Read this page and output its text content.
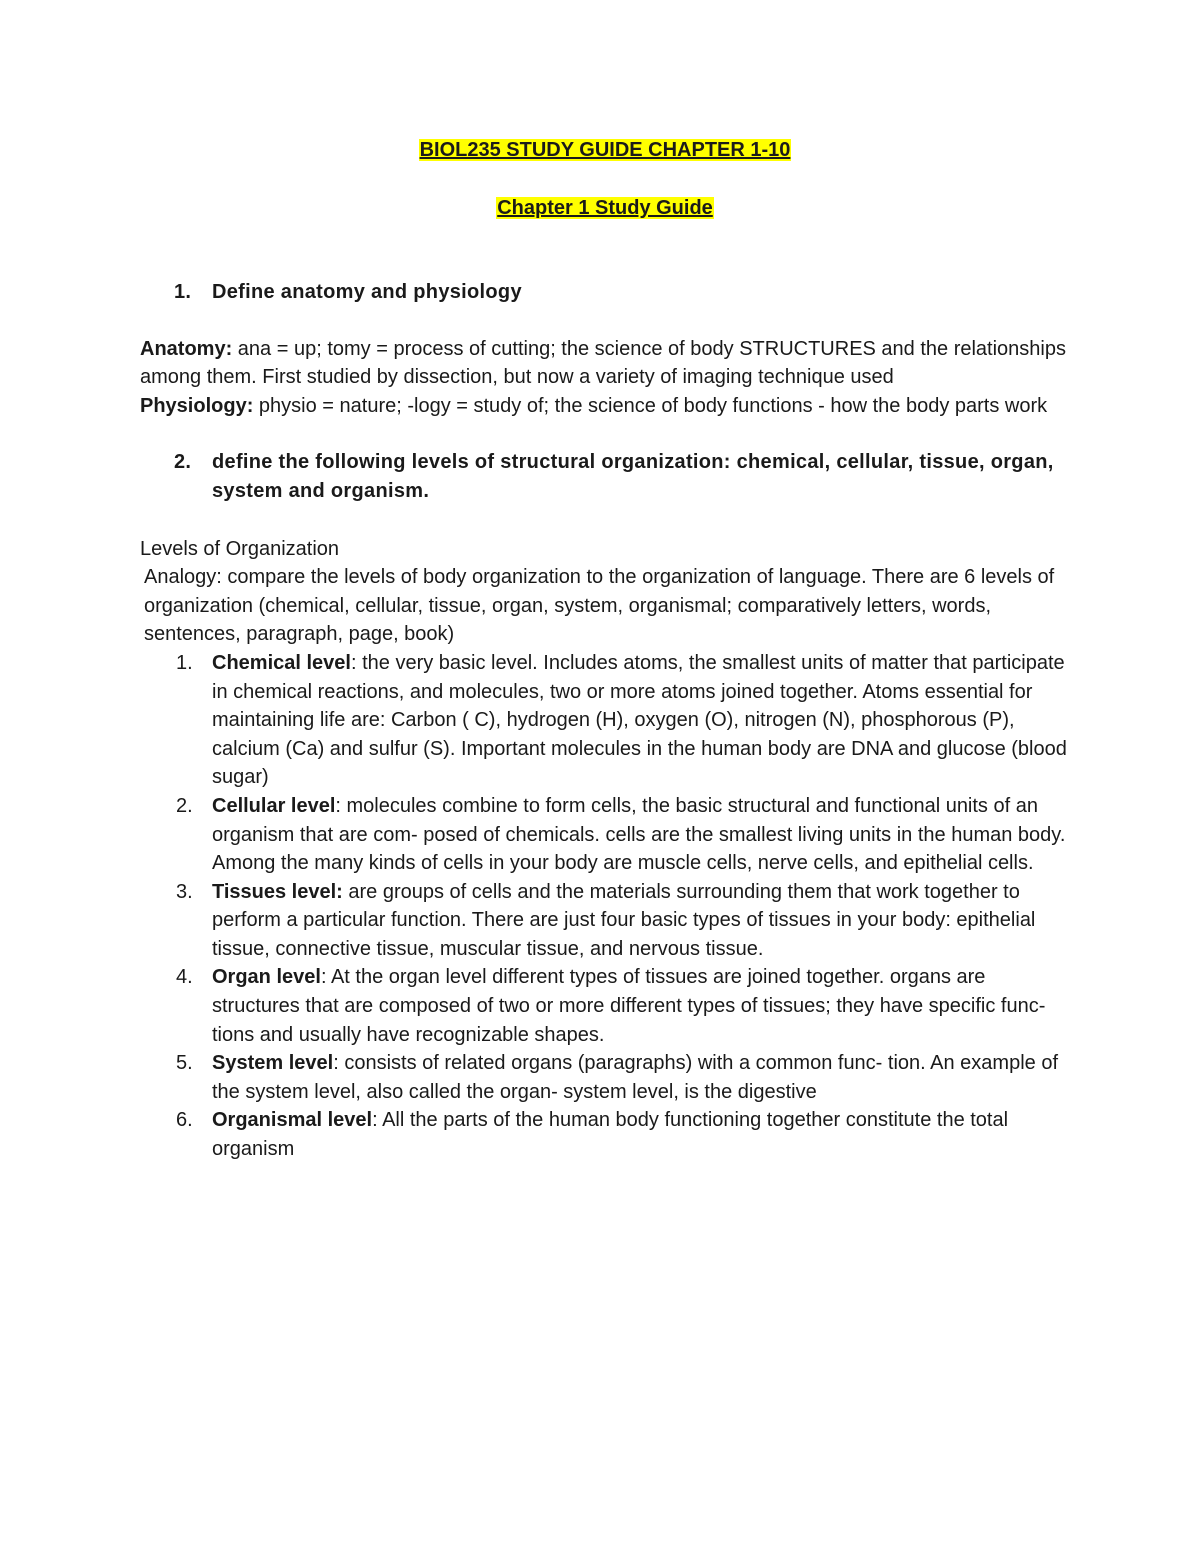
BIOL235 STUDY GUIDE CHAPTER 1-10

Chapter 1 Study Guide

1.	Define anatomy and physiology

Anatomy: ana = up; tomy = process of cutting; the science of body STRUCTURES and the relationships among them. First studied by dissection, but now a variety of imaging technique used

Physiology: physio = nature; -logy = study of; the science of body functions - how the body parts work

2.	define the following levels of structural organization: chemical, cellular, tissue, organ, system and organism.

Levels of Organization

Analogy: compare the levels of body organization to the organization of language. There are 6 levels of organization (chemical, cellular, tissue, organ, system, organismal; comparatively letters, words, sentences, paragraph, page, book)

1. Chemical level: the very basic level. Includes atoms, the smallest units of matter that participate in chemical reactions, and molecules, two or more atoms joined together. Atoms essential for maintaining life are: Carbon ( C), hydrogen (H), oxygen (O), nitrogen (N), phosphorous (P), calcium (Ca) and sulfur (S). Important molecules in the human body are DNA and glucose (blood sugar)
2. Cellular level: molecules combine to form cells, the basic structural and functional units of an organism that are com- posed of chemicals. cells are the smallest living units in the human body. Among the many kinds of cells in your body are muscle cells, nerve cells, and epithelial cells.
3. Tissues level: are groups of cells and the materials surrounding them that work together to perform a particular function. There are just four basic types of tissues in your body: epithelial tissue, connective tissue, muscular tissue, and nervous tissue.
4. Organ level: At the organ level different types of tissues are joined together. organs are structures that are composed of two or more different types of tissues; they have specific func- tions and usually have recognizable shapes.
5. System level: consists of related organs (paragraphs) with a common func- tion. An example of the system level, also called the organ- system level, is the digestive
6. Organismal level: All the parts of the human body functioning together constitute the total organism
